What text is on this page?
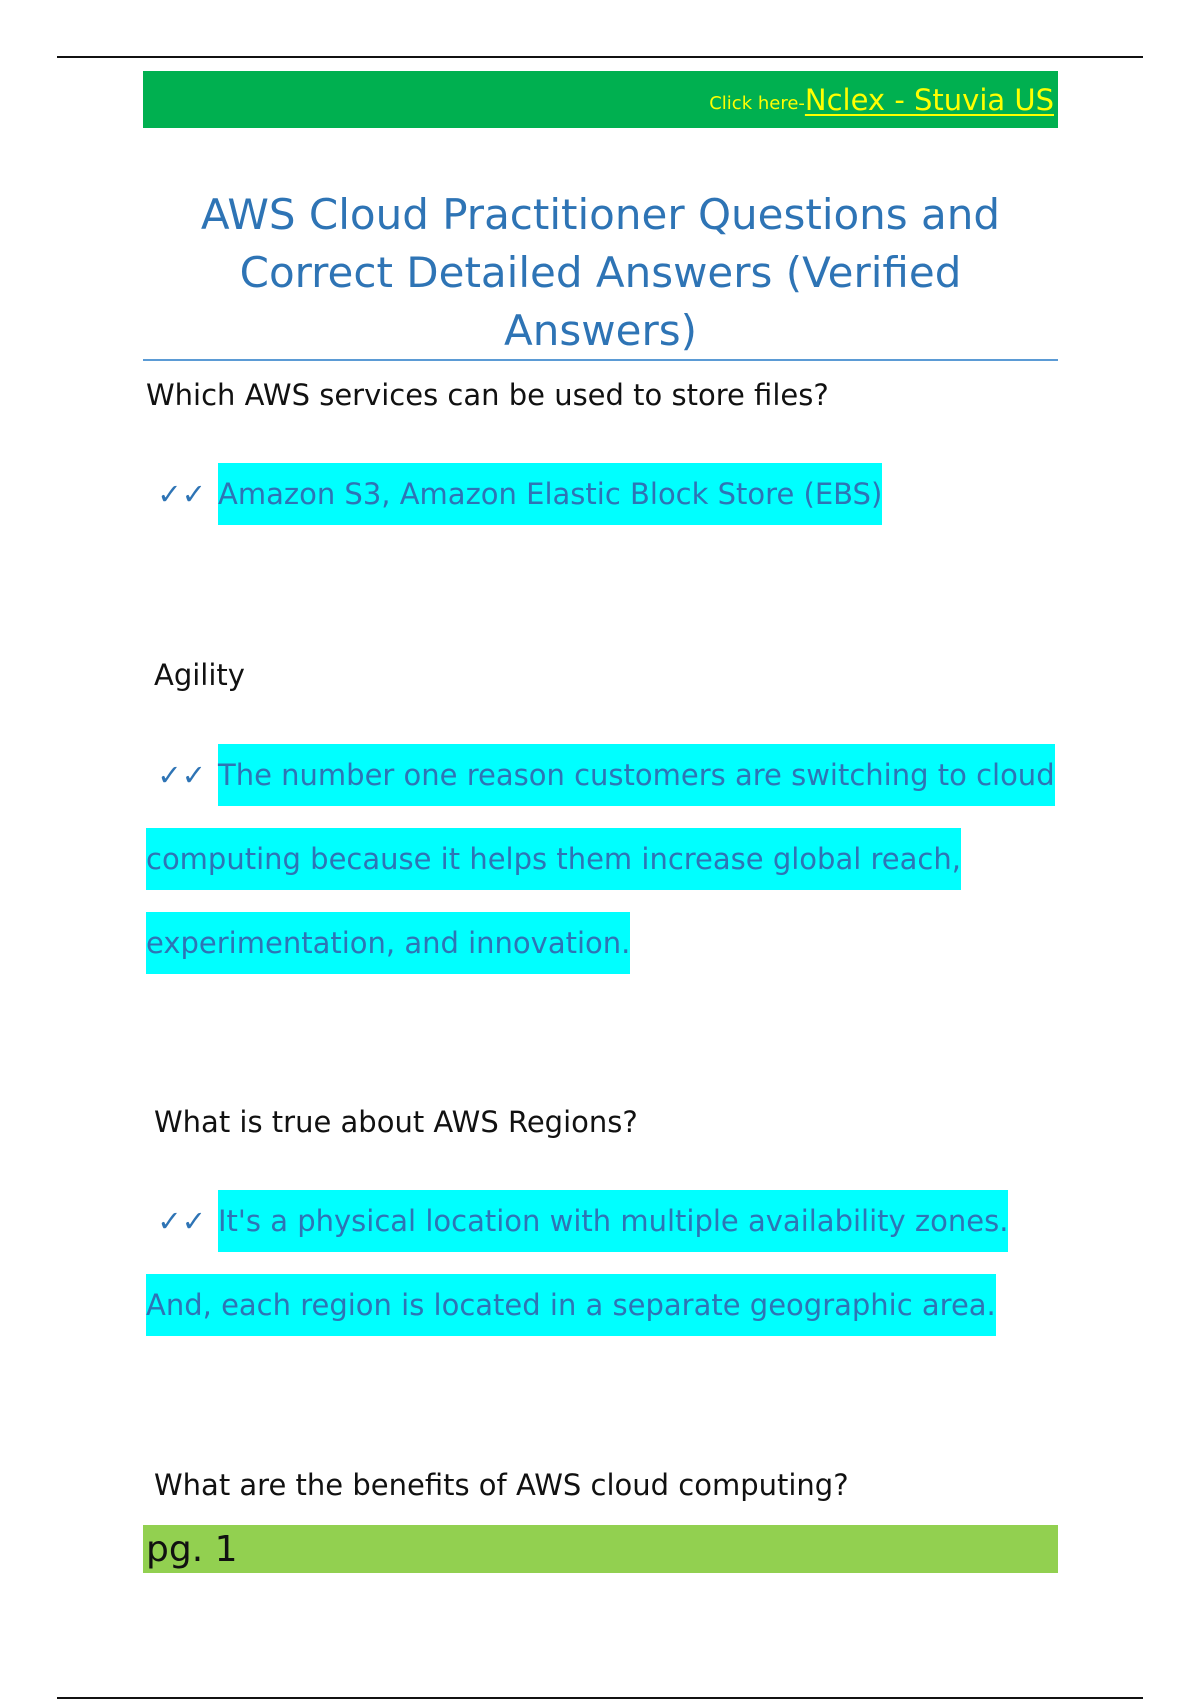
Click here- Nclex - Stuvia US
AWS Cloud Practitioner Questions and Correct Detailed Answers (Verified Answers)

Which AWS services can be used to store files?

✓✓ Amazon S3, Amazon Elastic Block Store (EBS)

Agility

✓✓ The number one reason customers are switching to cloud computing because it helps them increase global reach, experimentation, and innovation.

What is true about AWS Regions?

✓✓ It's a physical location with multiple availability zones. And, each region is located in a separate geographic area.

What are the benefits of AWS cloud computing?

pg. 1
